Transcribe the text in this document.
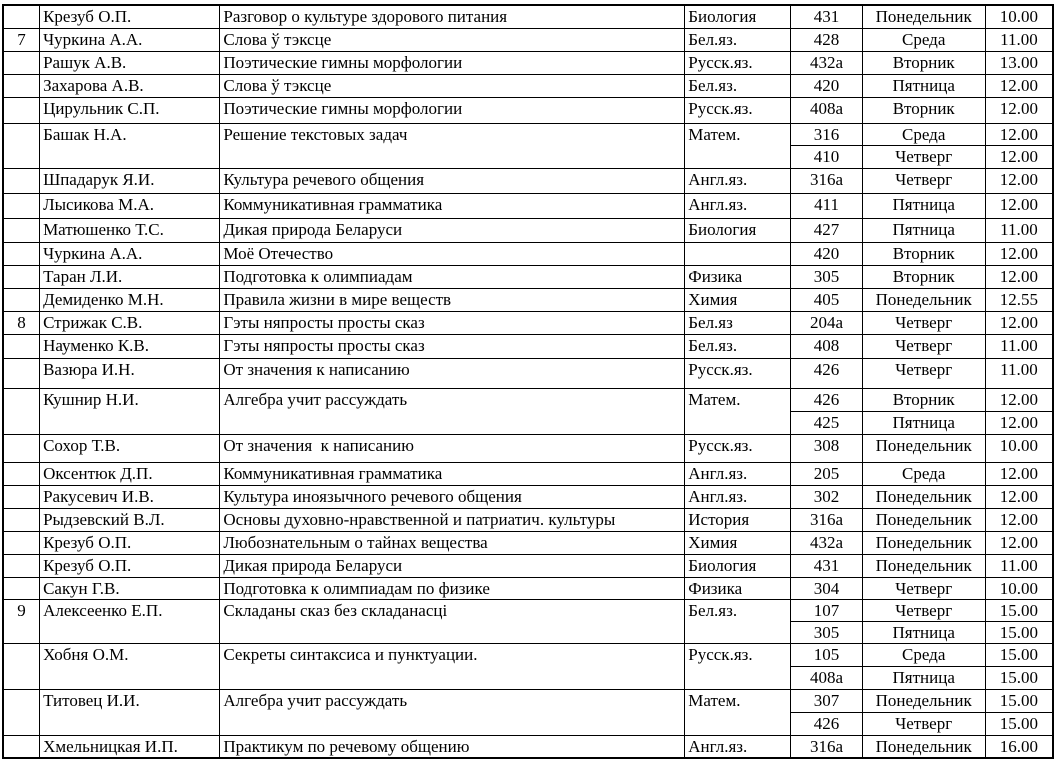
	Крезуб О.П.	Разговор о культуре здорового питания	Биология	431	Понедельник	10.00
7	Чуркина А.А.	Слова ў тэксце	Бел.яз.	428	Среда	11.00
	Рашук А.В.	Поэтические гимны морфологии	Русск.яз.	432а	Вторник	13.00
	Захарова А.В.	Слова ў тэксце	Бел.яз.	420	Пятница	12.00
	Цирульник С.П.	Поэтические гимны морфологии	Русск.яз.	408а	Вторник	12.00
	Башак Н.А.	Решение текстовых задач	Матем.	316	Среда	12.00
				410	Четверг	12.00
	Шпадарук Я.И.	Культура речевого общения	Англ.яз.	316а	Четверг	12.00
	Лысикова М.А.	Коммуникативная грамматика	Англ.яз.	411	Пятница	12.00
	Матюшенко Т.С.	Дикая природа Беларуси	Биология	427	Пятница	11.00
	Чуркина А.А.	Моё Отечество		420	Вторник	12.00
	Таран Л.И.	Подготовка к олимпиадам	Физика	305	Вторник	12.00
	Демиденко М.Н.	Правила жизни в мире веществ	Химия	405	Понедельник	12.55
8	Стрижак С.В.	Гэты няпросты просты сказ	Бел.яз	204а	Четверг	12.00
	Науменко К.В.	Гэты няпросты просты сказ	Бел.яз.	408	Четверг	11.00
	Вазюра И.Н.	От значения к написанию	Русск.яз.	426	Четверг	11.00
	Кушнир Н.И.	Алгебра учит рассуждать	Матем.	426	Вторник	12.00
				425	Пятница	12.00
	Сохор Т.В.	От значения  к написанию	Русск.яз.	308	Понедельник	10.00
	Оксентюк Д.П.	Коммуникативная грамматика	Англ.яз.	205	Среда	12.00
	Ракусевич И.В.	Культура иноязычного речевого общения	Англ.яз.	302	Понедельник	12.00
	Рыдзевский В.Л.	Основы духовно-нравственной и патриатич. культуры	История	316а	Понедельник	12.00
	Крезуб О.П.	Любознательным о тайнах вещества	Химия	432а	Понедельник	12.00
	Крезуб О.П.	Дикая природа Беларуси	Биология	431	Понедельник	11.00
	Сакун Г.В.	Подготовка к олимпиадам по физике	Физика	304	Четверг	10.00
9	Алексеенко Е.П.	Складаны сказ без складанасці	Бел.яз.	107	Четверг	15.00
				305	Пятница	15.00
	Хобня О.М.	Секреты синтаксиса и пунктуации.	Русск.яз.	105	Среда	15.00
				408а	Пятница	15.00
	Титовец И.И.	Алгебра учит рассуждать	Матем.	307	Понедельник	15.00
				426	Четверг	15.00
	Хмельницкая И.П.	Практикум по речевому общению	Англ.яз.	316а	Понедельник	16.00
